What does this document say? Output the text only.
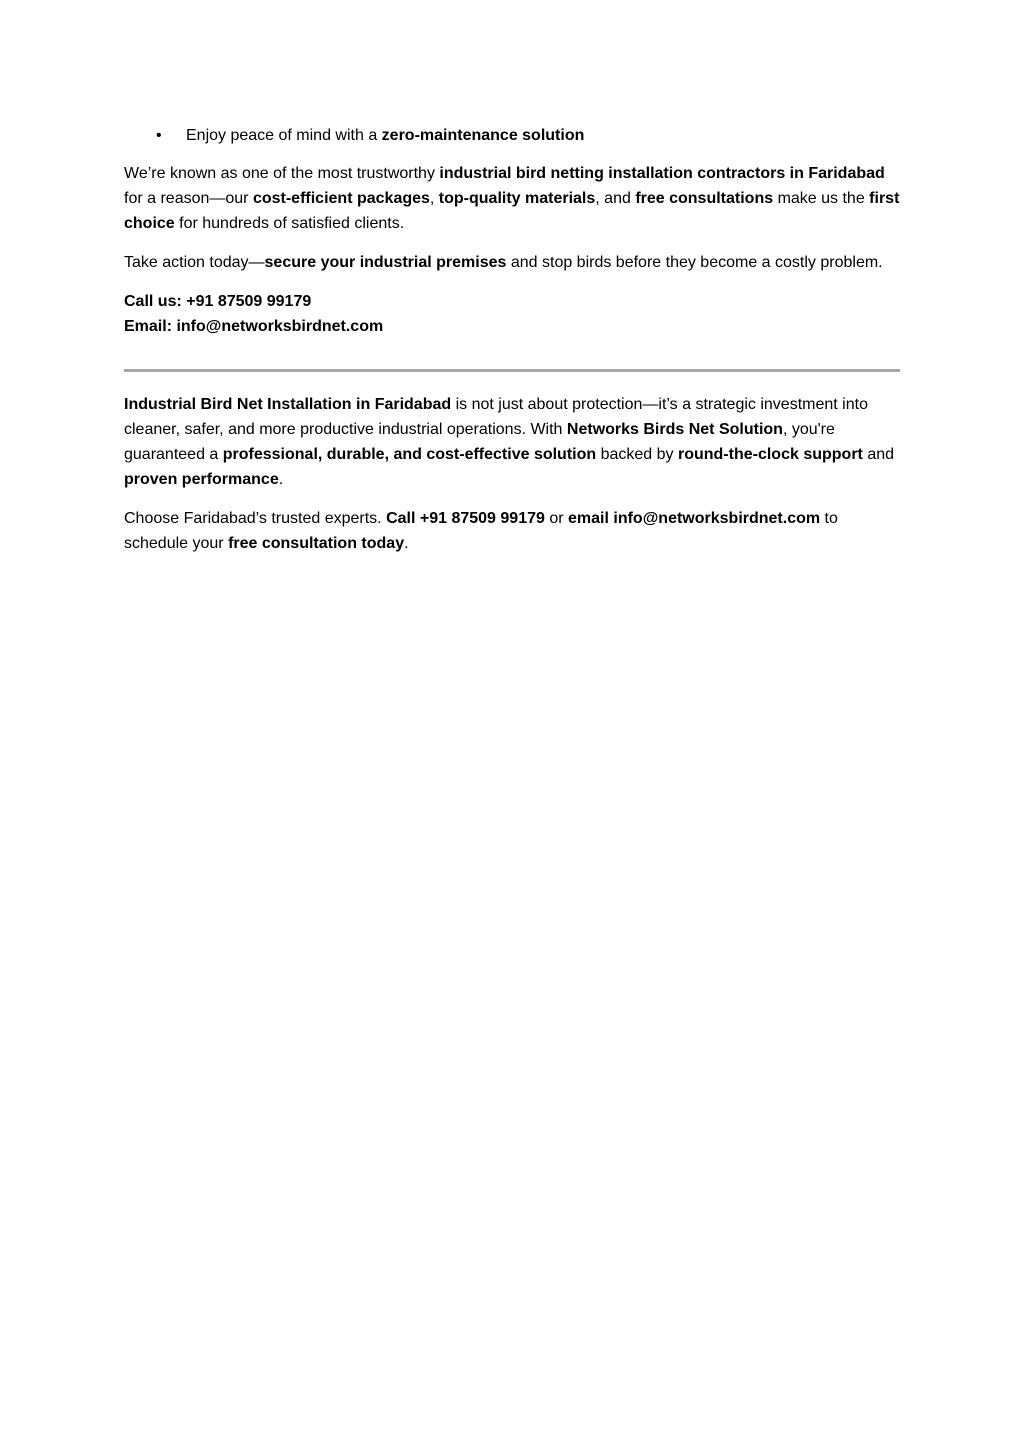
• Enjoy peace of mind with a zero-maintenance solution

We’re known as one of the most trustworthy industrial bird netting installation contractors in Faridabad for a reason—our cost-efficient packages, top-quality materials, and free consultations make us the first choice for hundreds of satisfied clients.

Take action today—secure your industrial premises and stop birds before they become a costly problem.

Call us: +91 87509 99179
Email: info@networksbirdnet.com

Industrial Bird Net Installation in Faridabad is not just about protection—it’s a strategic investment into cleaner, safer, and more productive industrial operations. With Networks Birds Net Solution, you're guaranteed a professional, durable, and cost-effective solution backed by round-the-clock support and proven performance.

Choose Faridabad’s trusted experts. Call +91 87509 99179 or email info@networksbirdnet.com to schedule your free consultation today.
